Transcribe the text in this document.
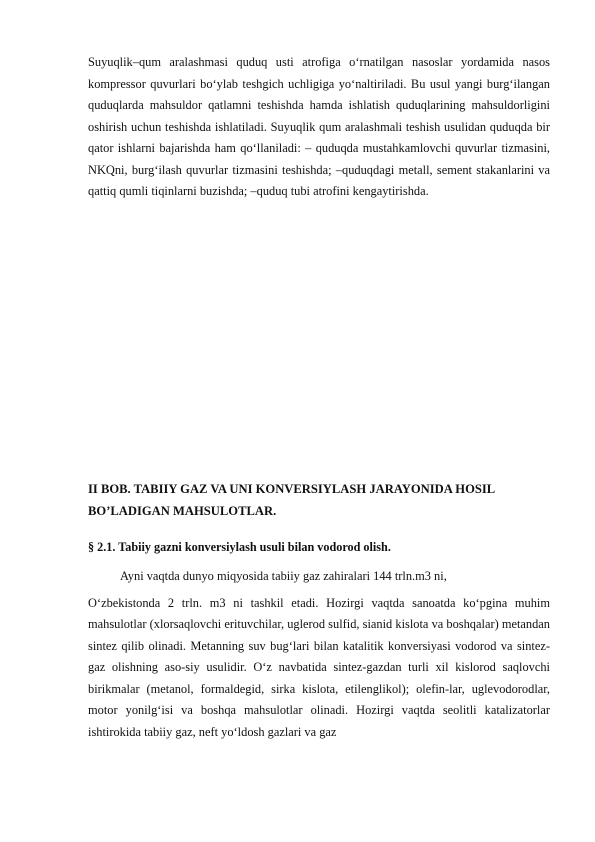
Suyuqlik–qum aralashmasi quduq usti atrofiga o‘rnatilgan nasoslar yordamida nasos kompressor quvurlari bo‘ylab teshgich uchligiga yo‘naltiriladi. Bu usul yangi burg‘ilangan quduqlarda mahsuldor qatlamni teshishda hamda ishlatish quduqlarining mahsuldorligini oshirish uchun teshishda ishlatiladi. Suyuqlik qum aralashmali teshish usulidan quduqda bir qator ishlarni bajarishda ham qo‘llaniladi: – quduqda mustahkamlovchi quvurlar tizmasini, NKQni, burg‘ilash quvurlar tizmasini teshishda; –quduqdagi metall, sement stakanlarini va qattiq qumli tiqinlarni buzishda; –quduq tubi atrofini kengaytirishda.

II BOB. TABIIY GAZ VA UNI KONVERSIYLASH JARAYONIDA HOSIL BO’LADIGAN MAHSULOTLAR.

§ 2.1. Tabiiy gazni konversiylash usuli bilan vodorod olish.

Ayni vaqtda dunyo miqyosida tabiiy gaz zahiralari 144 trln.m3 ni,

O‘zbekistonda 2 trln. m3 ni tashkil etadi. Hozirgi vaqtda sanoatda ko‘pgina muhim mahsulotlar (xlorsaqlovchi erituvchilar, uglerod sulfid, sianid kislota va boshqalar) metandan sintez qilib olinadi. Metanning suv bug‘lari bilan katalitik konversiyasi vodorod va sintez-gaz olishning aso-siy usulidir. O‘z navbatida sintez-gazdan turli xil kislorod saqlovchi birikmalar (metanol, formaldegid, sirka kislota, etilenglikol); olefin-lar, uglevodorodlar, motor yonilg‘isi va boshqa mahsulotlar olinadi. Hozirgi vaqtda seolitli katalizatorlar ishtirokida tabiiy gaz, neft yo‘ldosh gazlari va gaz
